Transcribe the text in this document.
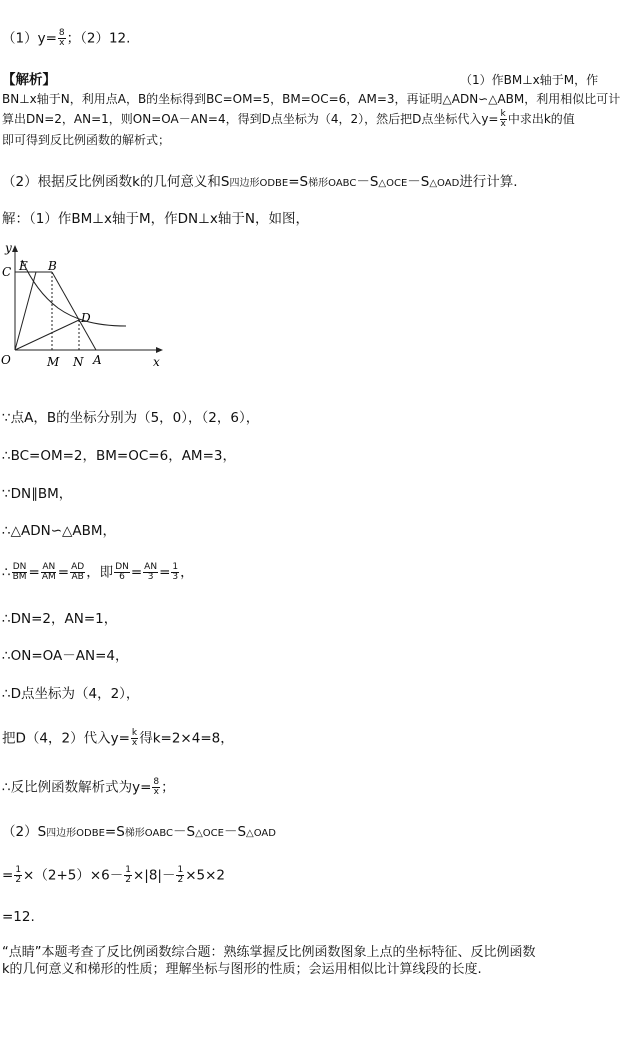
$(1)y= \frac{8}{x}$ ；（2）12.
【解析】	（1）作BM⊥x轴于M，作
BN⊥x轴于N，利用点A，B的坐标得到BC=OM=5，BM=OC=6，AM=3，再证明△ADN∽△ABM，利用相似比可计
算出DN=2，AN=1，则ON=OA－AN=4，得到D点坐标为（4，2），然后把D点坐标代入$y= \frac{k}{x}$ 中求出k的值
即可得到反比例函数的解析式；
（2）根据反比例函数k的几何意义和S四边形ODBE=S梯形OABC－S△OCE－S△OAD进行计算.
解：（1）作BM⊥x轴于M，作DN⊥x轴于N，如图，
y
C E B
D
O	M N A	x
∵点A，B的坐标分别为（5，0），（2，6），
∴BC=OM=2，BM=OC=6，AM=3，
∵DN∥BM，
∴△ADN∽△ABM，
∴ $\frac{DN}{BM} = \frac{AN}{AM} = \frac{AD}{AB}$ ，即 $\frac{DN}{6} = \frac{AN}{3} = \frac{1}{3}$ ，
∴DN=2，AN=1，
∴ON=OA－AN=4，
∴D点坐标为（4，2），
把D（4，2）代入$y= \frac{k}{x}$ 得k=2×4=8，
∴反比例函数解析式为$y= \frac{8}{x}$ ；
（2）S四边形ODBE=S梯形OABC－S△OCE－S△OAD
= $\frac{1}{2} \times(2+5)\times 6- \frac{1}{2} \times|8|- \frac{1}{2} \times 5\times 2$
=12.
“点睛”本题考查了反比例函数综合题：熟练掌握反比例函数图象上点的坐标特征、反比例函数
k的几何意义和梯形的性质；理解坐标与图形的性质；会运用相似比计算线段的长度.
